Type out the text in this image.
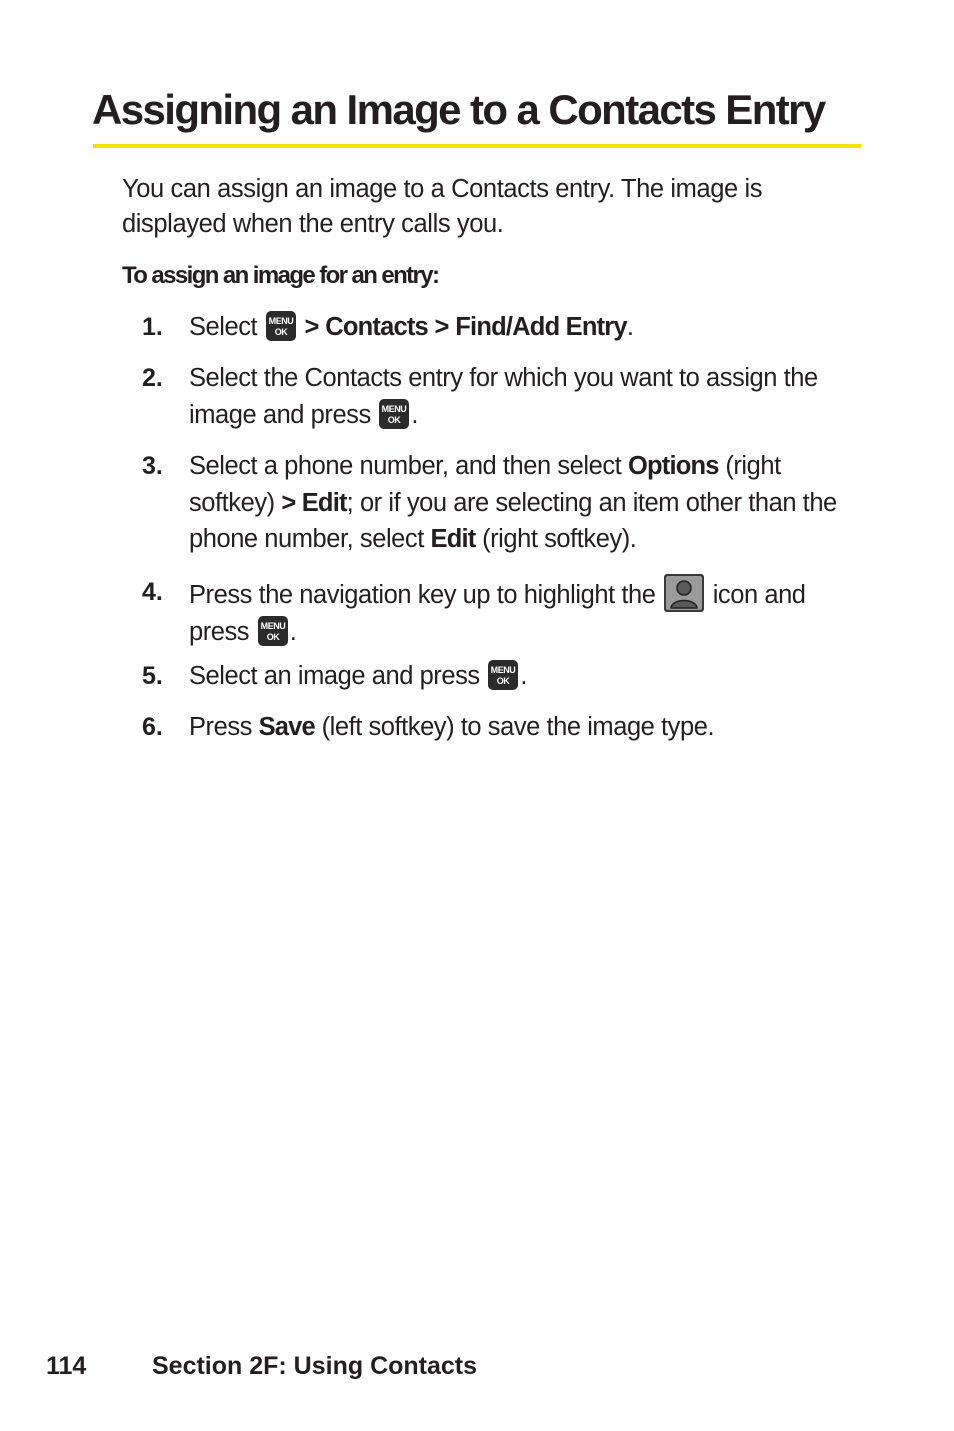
Assigning an Image to a Contacts Entry

You can assign an image to a Contacts entry. The image is displayed when the entry calls you.

To assign an image for an entry:

1. Select MENU
OK > Contacts > Find/Add Entry.

2. Select the Contacts entry for which you want to assign the image and press MENU
OK .

3. Select a phone number, and then select Options (right softkey) > Edit; or if you are selecting an item other than the phone number, select Edit (right softkey).

4. Press the navigation key up to highlight the icon and press MENU
OK .

5. Select an image and press MENU
OK .

6. Press Save (left softkey) to save the image type.

114	Section 2F: Using Contacts
